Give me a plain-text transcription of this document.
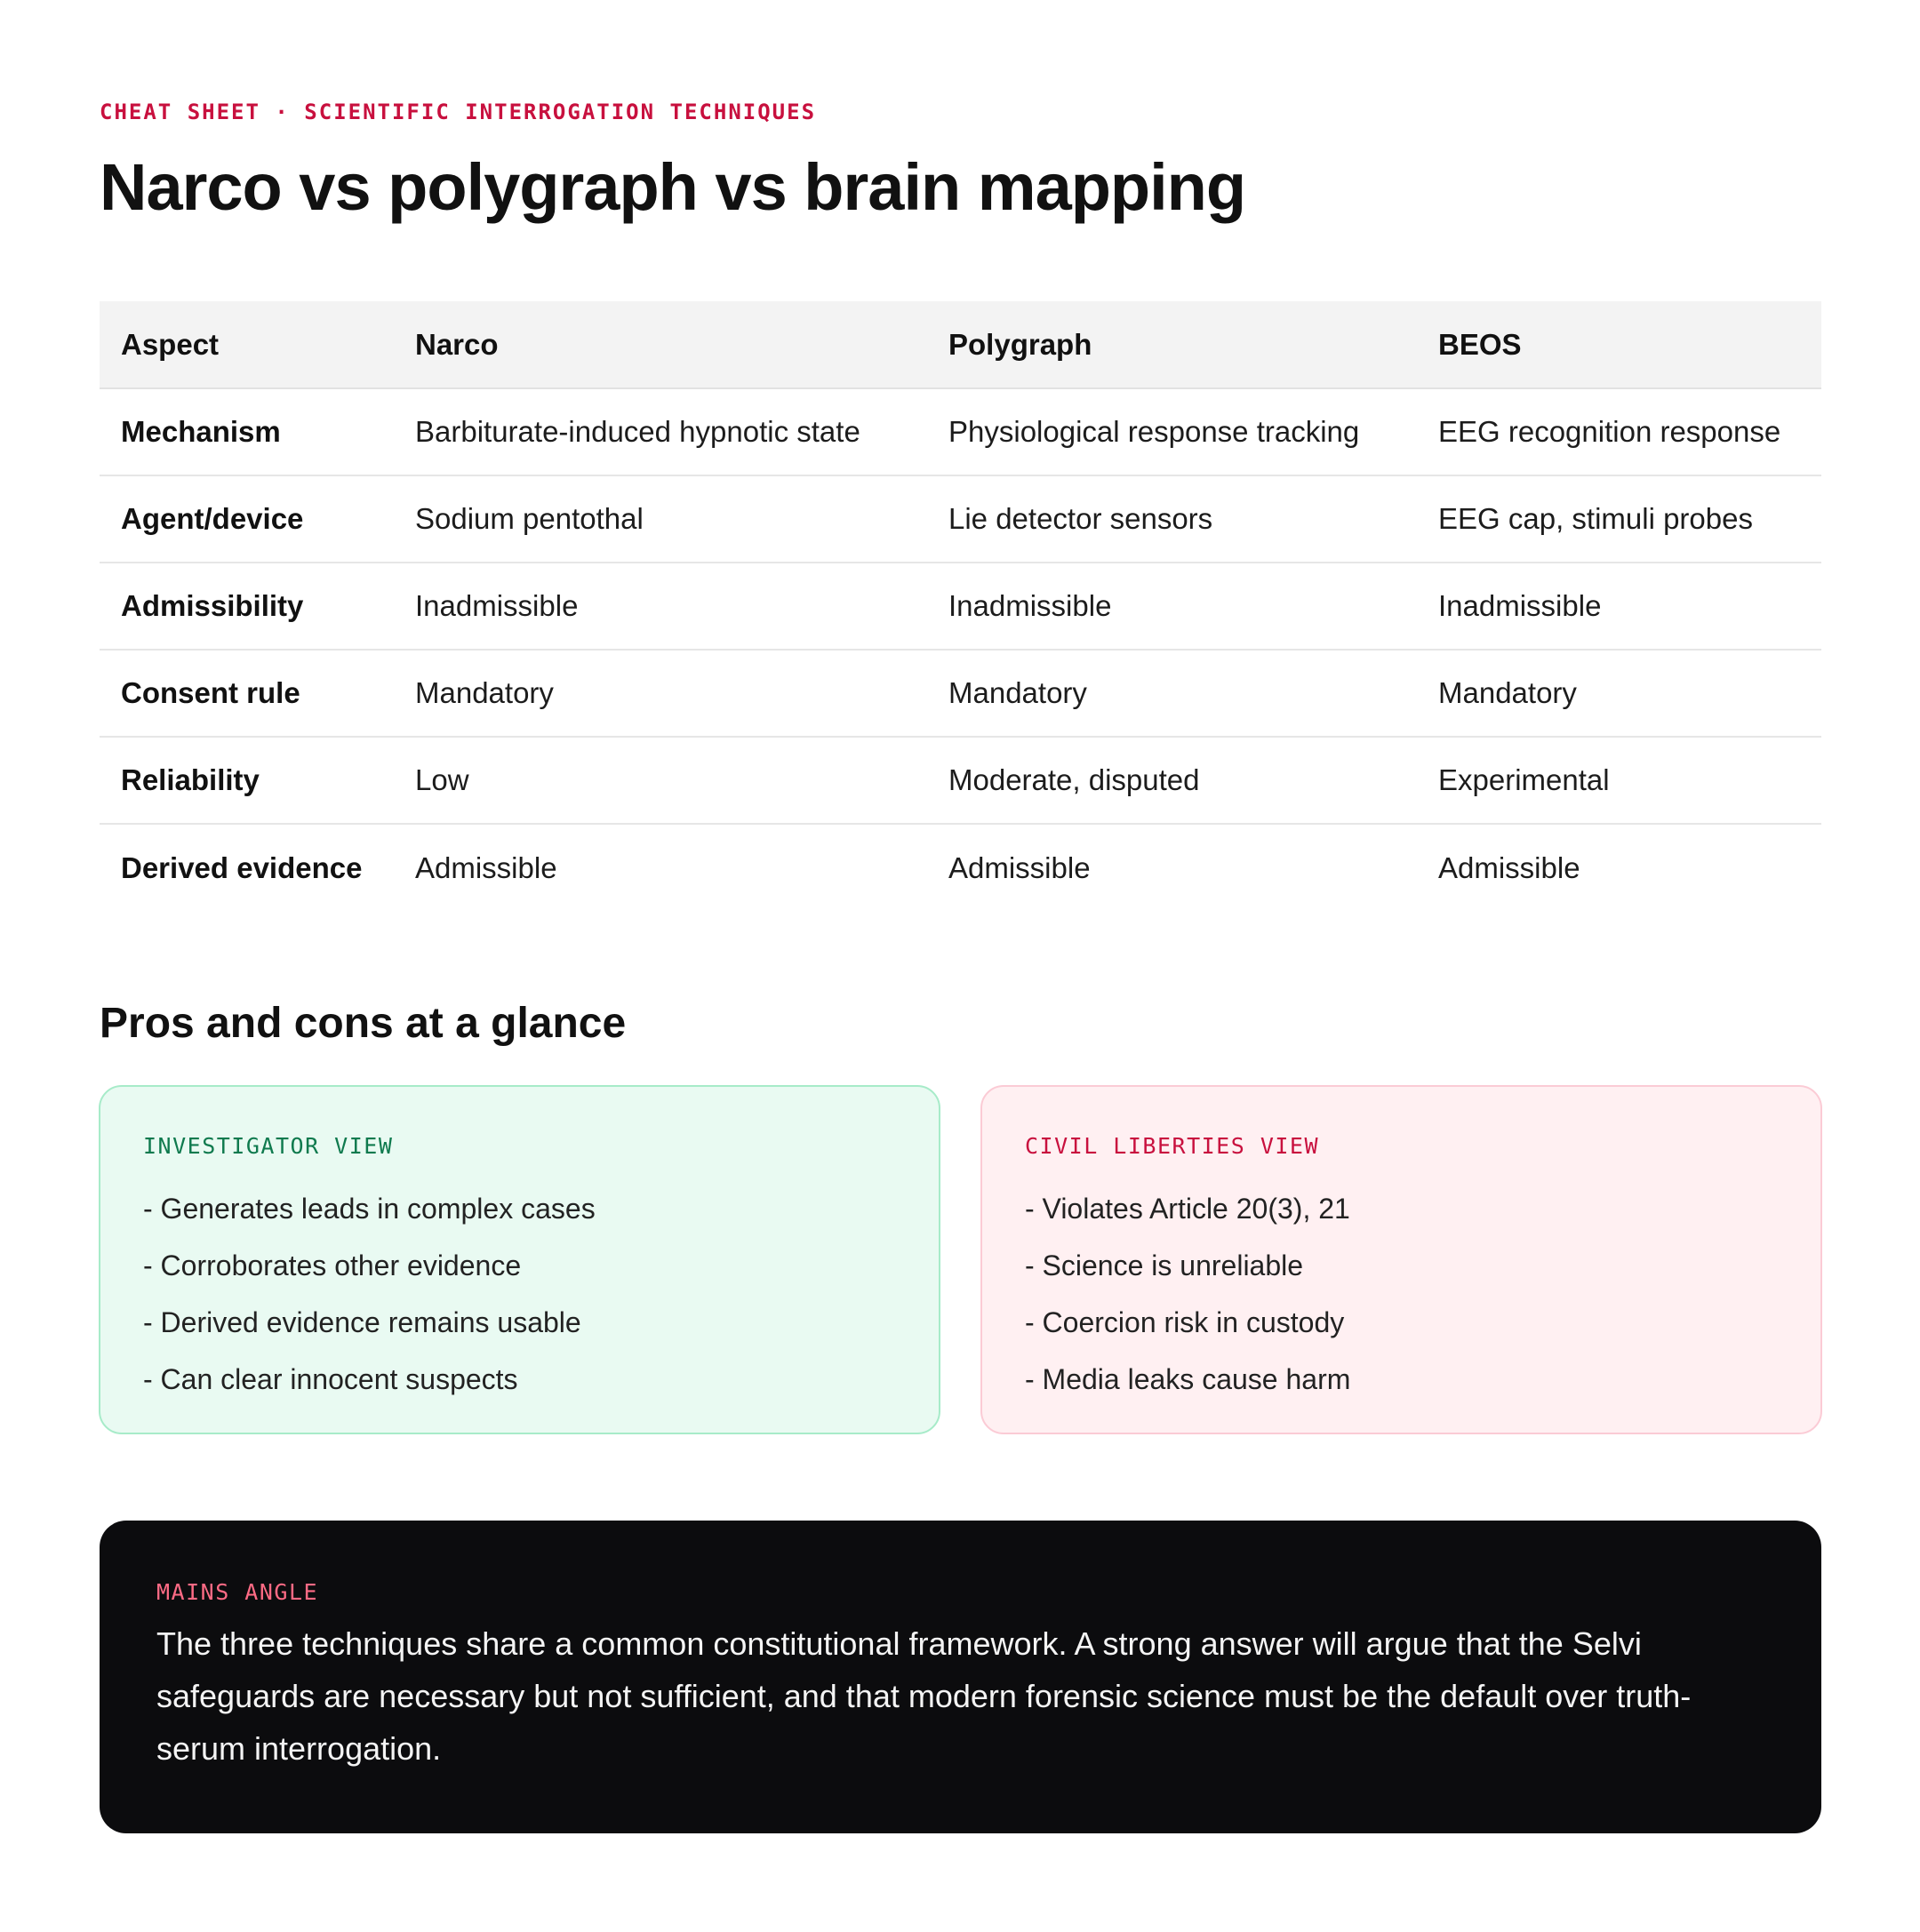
CHEAT SHEET · SCIENTIFIC INTERROGATION TECHNIQUES
Narco vs polygraph vs brain mapping
Aspect	Narco	Polygraph	BEOS
Mechanism	Barbiturate-induced hypnotic state	Physiological response tracking	EEG recognition response
Agent/device	Sodium pentothal	Lie detector sensors	EEG cap, stimuli probes
Admissibility	Inadmissible	Inadmissible	Inadmissible
Consent rule	Mandatory	Mandatory	Mandatory
Reliability	Low	Moderate, disputed	Experimental
Derived evidence	Admissible	Admissible	Admissible
Pros and cons at a glance
INVESTIGATOR VIEW
- Generates leads in complex cases
- Corroborates other evidence
- Derived evidence remains usable
- Can clear innocent suspects
CIVIL LIBERTIES VIEW
- Violates Article 20(3), 21
- Science is unreliable
- Coercion risk in custody
- Media leaks cause harm
MAINS ANGLE

The three techniques share a common constitutional framework. A strong answer will argue that the Selvi safeguards are necessary but not sufficient, and that modern forensic science must be the default over truth-serum interrogation.
